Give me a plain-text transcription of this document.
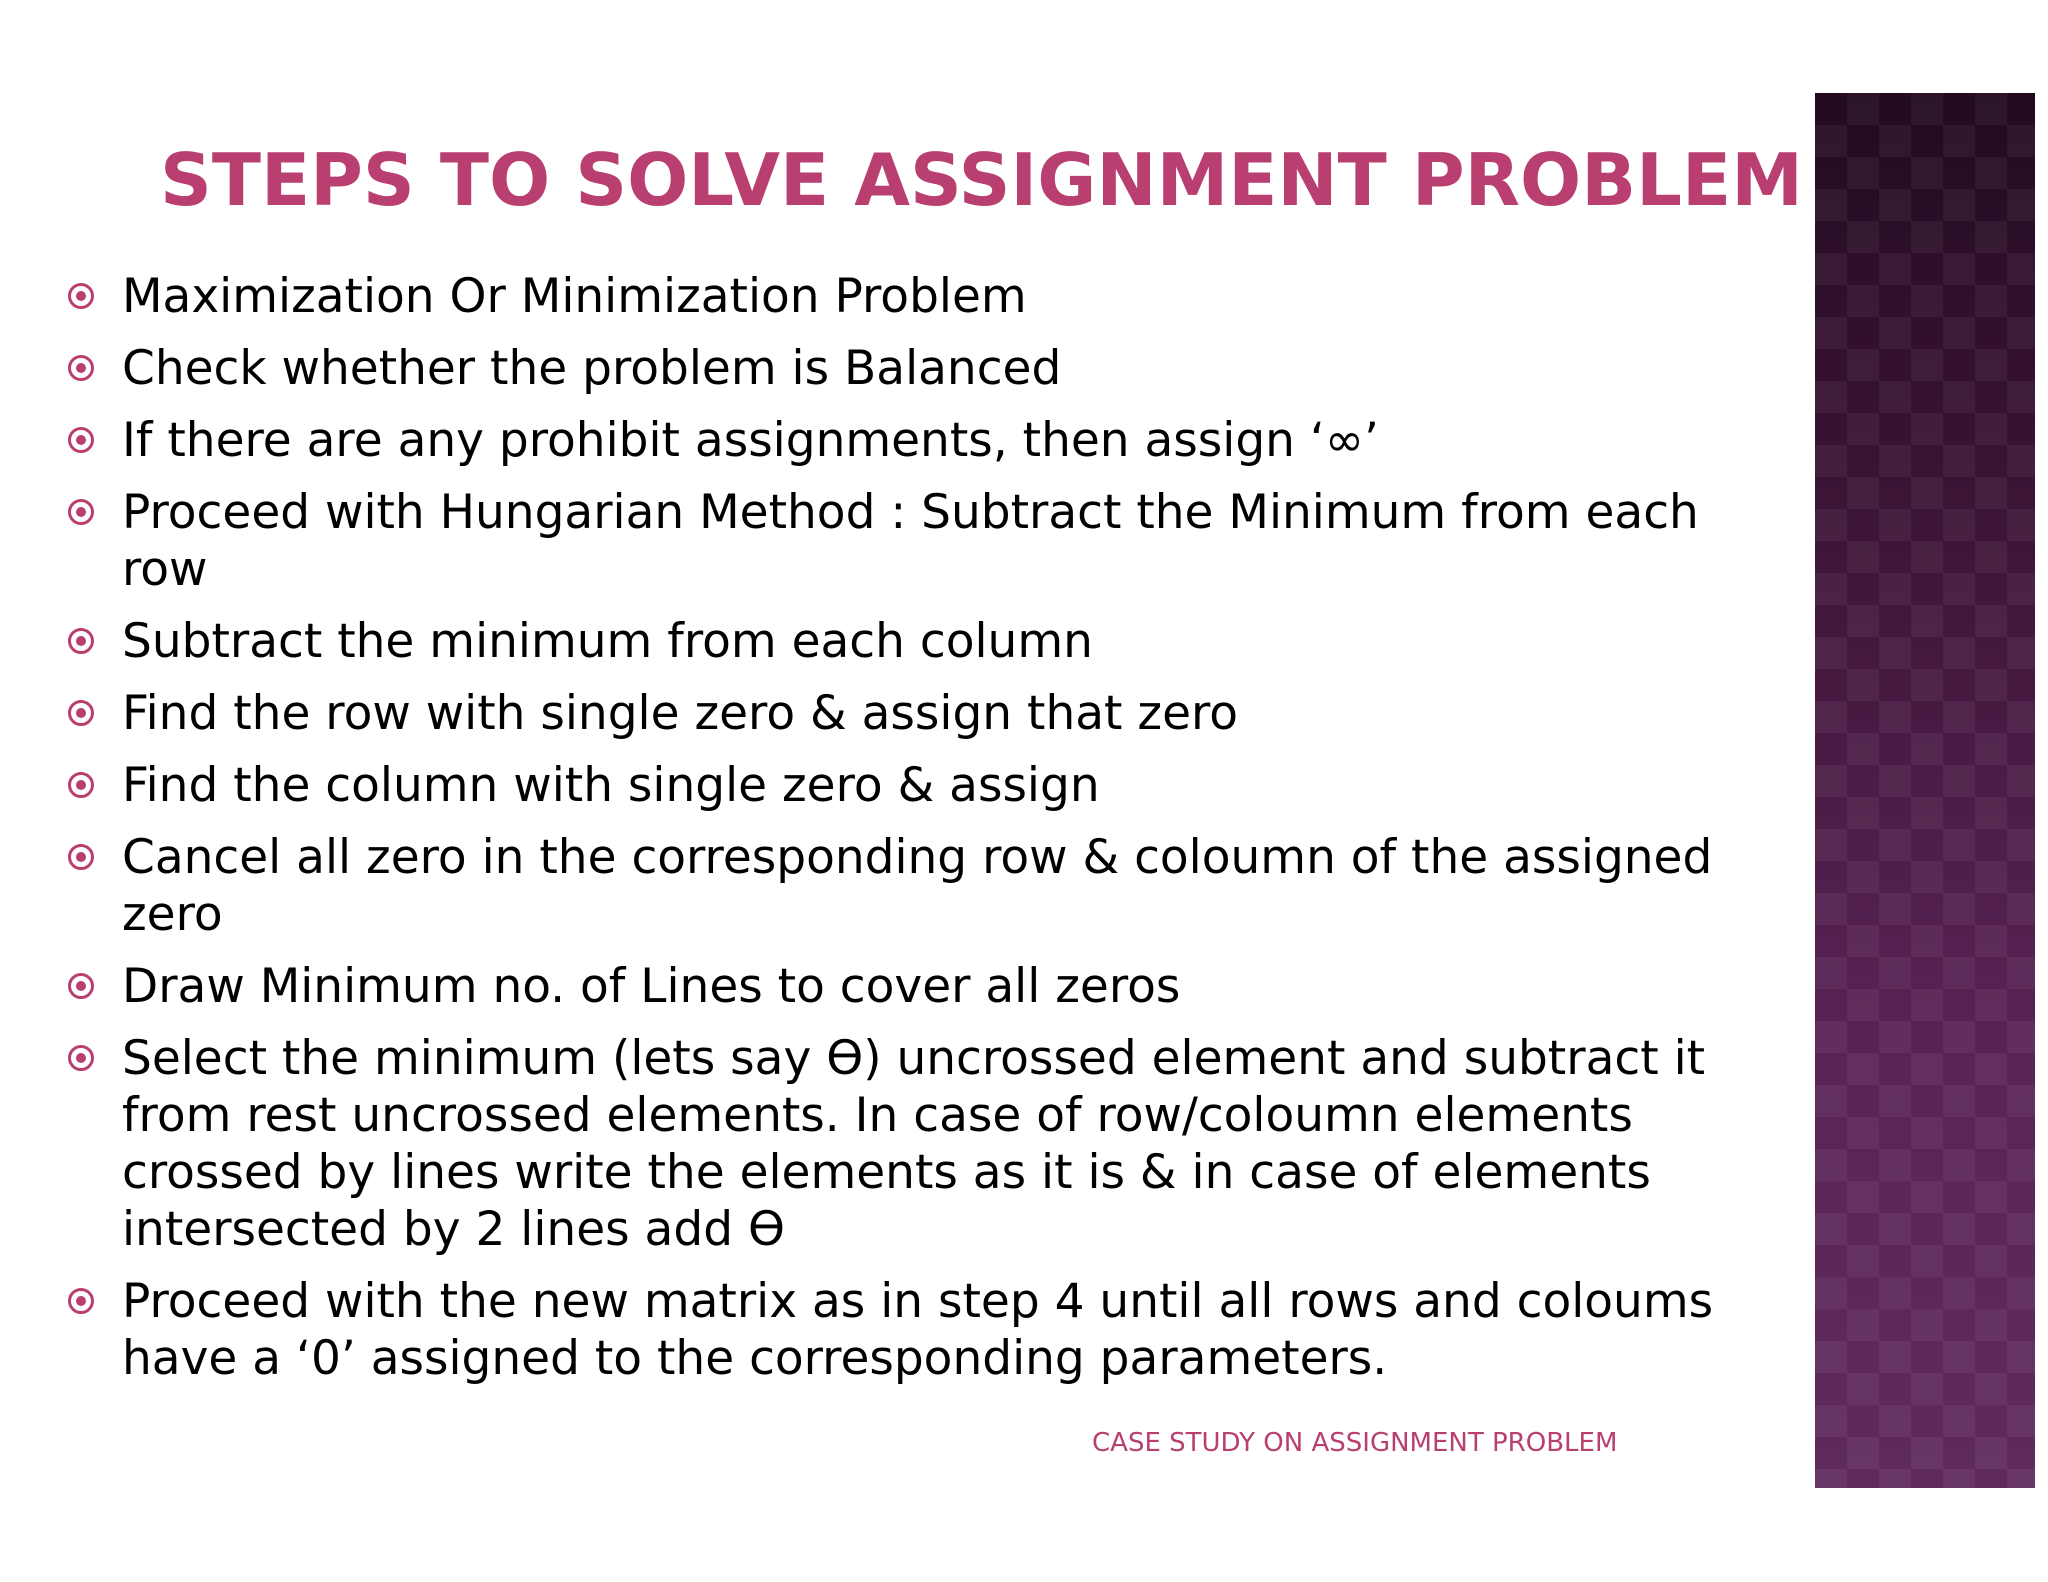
STEPS TO SOLVE ASSIGNMENT PROBLEM
Maximization Or Minimization Problem
Check whether the problem is Balanced
If there are any prohibit assignments, then assign ‘∞’
Proceed with Hungarian Method : Subtract the Minimum from each row
Subtract the minimum from each column
Find the row with single zero & assign that zero
Find the column with single zero & assign
Cancel all zero in the corresponding row & coloumn of the assigned zero
Draw Minimum no. of Lines to cover all zeros
Select the minimum (lets say Ө) uncrossed element and subtract it from rest uncrossed elements. In case of row/coloumn elements crossed by lines write the elements as it is & in case of elements intersected by 2 lines add Ө
Proceed with the new matrix as in step 4 until all rows and coloums have a ‘0’ assigned to the corresponding parameters.
CASE STUDY ON ASSIGNMENT PROBLEM
